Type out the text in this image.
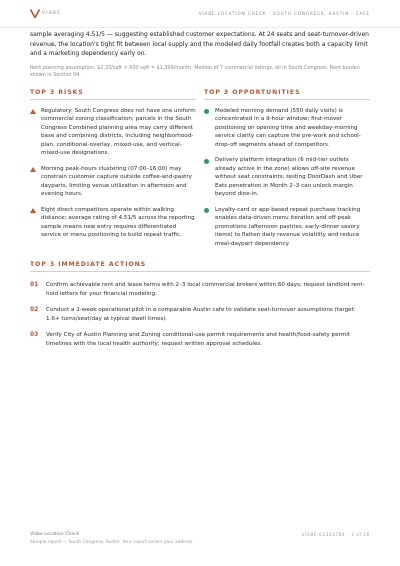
VIABE	VIABE LOCATION CHECK · SOUTH CONGRESS, AUSTIN · CAFE

sample averaging 4.51/5 — suggesting established customer expectations. At 24 seats and seat-turnover-driven revenue, the location's tight fit between local supply and the modeled daily footfall creates both a capacity limit and a marketing dependency early on.

Rent planning assumption: $2.33/sqft × 600 sqft = $1,399/month. Median of 7 commercial listings, all in South Congress. Rent burden shown in Section 04.

TOP 3 RISKS
Regulatory: South Congress does not have one uniform commercial zoning classification; parcels in the South Congress Combined planning area may carry different base and combining districts, including neighborhood-plan, conditional-overlay, mixed-use, and vertical-mixed-use designations.
Morning peak-hours clustering (07:00–16:00) may constrain customer capture outside coffee-and-pastry dayparts, limiting venue utilization in afternoon and evening hours.
Eight direct competitors operate within walking distance; average rating of 4.51/5 across the reporting sample means new entry requires differentiated service or menu positioning to build repeat traffic.
TOP 3 OPPORTUNITIES
Modeled morning demand (550 daily visits) is concentrated in a 9-hour window; first-mover positioning on opening time and weekday-morning service clarity can capture the pre-work and school-drop-off segments ahead of competitors.
Delivery platform integration (6 mid-tier outlets already active in the zone) allows off-site revenue without seat constraints; testing DoorDash and Uber Eats penetration in Month 2–3 can unlock margin beyond dine-in.
Loyalty-card or app-based repeat purchase tracking enables data-driven menu iteration and off-peak promotions (afternoon pastries, early-dinner savory items) to flatten daily revenue volatility and reduce meal-daypart dependency.
TOP 3 IMMEDIATE ACTIONS
01	Confirm achievable rent and lease terms with 2–3 local commercial brokers within 60 days; request landlord rent-hold letters for your financial modeling.
02	Conduct a 2-week operational pilot in a comparable Austin cafe to validate seat-turnover assumptions (target: 1.6+ turns/seat/day at typical dwell times).
03	Verify City of Austin Planning and Zoning conditional-use permit requirements and health/food-safety permit timelines with the local health authority; request written approval schedules.
Viabe Location Check	VIABE-61342784 · 3 of 16
Sample report — South Congress, Austin. Your report covers your address.
